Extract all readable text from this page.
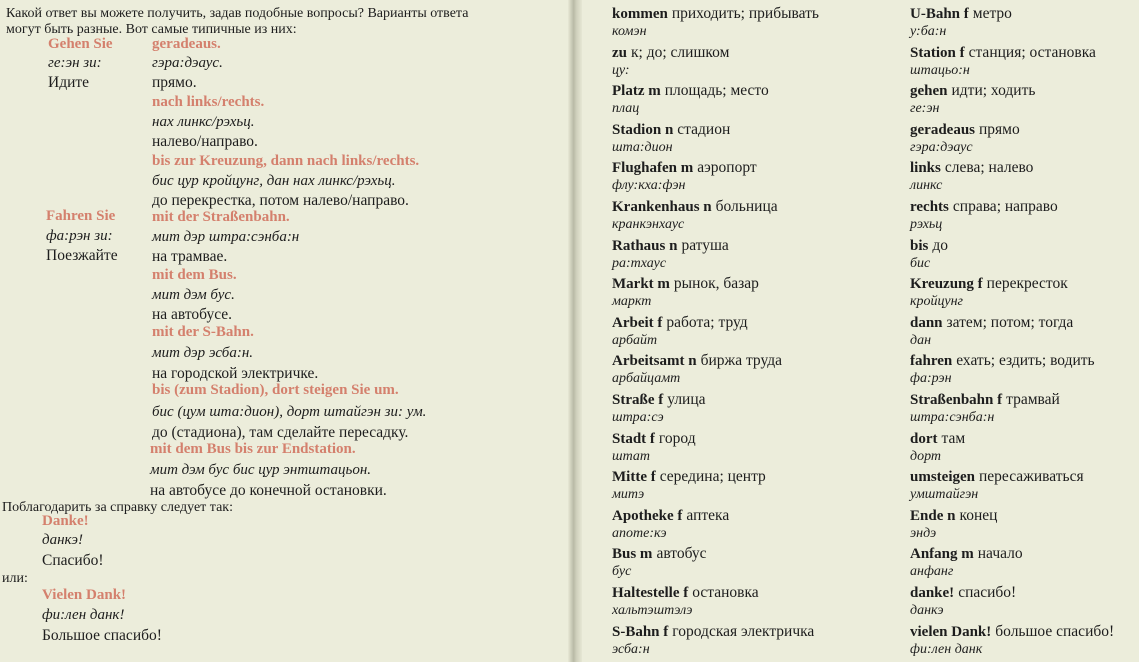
Какой ответ вы можете получить, задав подобные вопросы? Варианты ответа
могут быть разные. Вот самые типичные из них:
Gehen Sie
ге:эн зи:
Идите
geradeaus.
гэра:дэаус.
прямо.
nach links/rechts.
нах линкс/рэхьц.
налево/направо.
bis zur Kreuzung, dann nach links/rechts.
бис цур кройцунг, дан нах линкс/рэхьц.
до перекрестка, потом налево/направо.
Fahren Sie
фа:рэн зи:
Поезжайте
mit der Straßenbahn.
мит дэр штра:сэнба:н
на трамвае.
mit dem Bus.
мит дэм бус.
на автобусе.
mit der S-Bahn.
мит дэр эсба:н.
на городской электричке.
bis (zum Stadion), dort steigen Sie um.
бис (цум шта:дион), дорт штайгэн зи: ум.
до (стадиона), там сделайте пересадку.
mit dem Bus bis zur Endstation.
мит дэм бус бис цур энтштацьон.
на автобусе до конечной остановки.
Поблагодарить за справку следует так:
Danke!
данкэ!
Спасибо!
или:
Vielen Dank!
фи:лен данк!
Большое спасибо!
kommen приходить; прибывать
комэн
zu к; до; слишком
цу:
Platz m площадь; место
плац
Stadion n стадион
шта:дион
Flughafen m аэропорт
флу:кха:фэн
Krankenhaus n больница
кранкэнхаус
Rathaus n ратуша
ра:тхаус
Markt m рынок, базар
маркт
Arbeit f работа; труд
арбайт
Arbeitsamt n биржа труда
арбайцамт
Straße f улица
штра:сэ
Stadt f город
штат
Mitte f середина; центр
митэ
Apotheke f аптека
апоте:кэ
Bus m автобус
бус
Haltestelle f остановка
хальтэштэлэ
S-Bahn f городская электричка
эсба:н
U-Bahn f метро
у:ба:н
Station f станция; остановка
штацьо:н
gehen идти; ходить
ге:эн
geradeaus прямо
гэра:дэаус
links слева; налево
линкс
rechts справа; направо
рэхьц
bis до
бис
Kreuzung f перекресток
кройцунг
dann затем; потом; тогда
дан
fahren ехать; ездить; водить
фа:рэн
Straßenbahn f трамвай
штра:сэнба:н
dort там
дорт
umsteigen пересаживаться
умштайгэн
Ende n конец
эндэ
Anfang m начало
анфанг
danke! спасибо!
данкэ
vielen Dank! большое спасибо!
фи:лен данк
